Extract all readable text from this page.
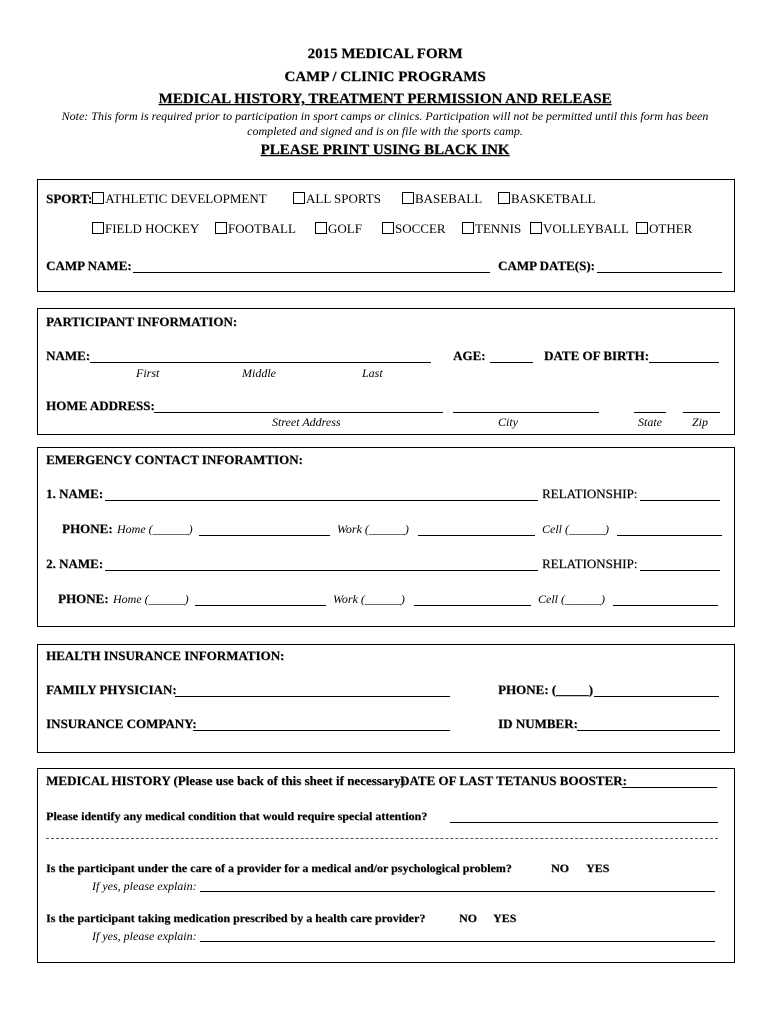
2015 MEDICAL FORM
CAMP / CLINIC PROGRAMS
MEDICAL HISTORY, TREATMENT PERMISSION AND RELEASE
Note: This form is required prior to participation in sport camps or clinics. Participation will not be permitted until this form has been completed and signed and is on file with the sports camp.
PLEASE PRINT USING BLACK INK
SPORT: ATHLETIC DEVELOPMENT	ALL SPORTS	BASEBALL	BASKETBALL
FIELD HOCKEY	FOOTBALL	GOLF	SOCCER	TENNIS	VOLLEYBALL	OTHER
CAMP NAME:	CAMP DATE(S):
PARTICIPANT INFORMATION:
NAME:	AGE:	DATE OF BIRTH:
First	Middle	Last
HOME ADDRESS:
Street Address	City	State	Zip
EMERGENCY CONTACT INFORAMTION:
1. NAME:	RELATIONSHIP:
PHONE: Home (______)	Work (______)	Cell (______)
2. NAME:	RELATIONSHIP:
PHONE: Home (______)	Work (______)	Cell (______)
HEALTH INSURANCE INFORMATION:
FAMILY PHYSICIAN:	PHONE: (_____)
INSURANCE COMPANY:	ID NUMBER:
MEDICAL HISTORY (Please use back of this sheet if necessary)
DATE OF LAST TETANUS BOOSTER:
Please identify any medical condition that would require special attention?
Is the participant under the care of a provider for a medical and/or psychological problem?	NO YES
If yes, please explain:
Is the participant taking medication prescribed by a health care provider?	NO YES
If yes, please explain:
